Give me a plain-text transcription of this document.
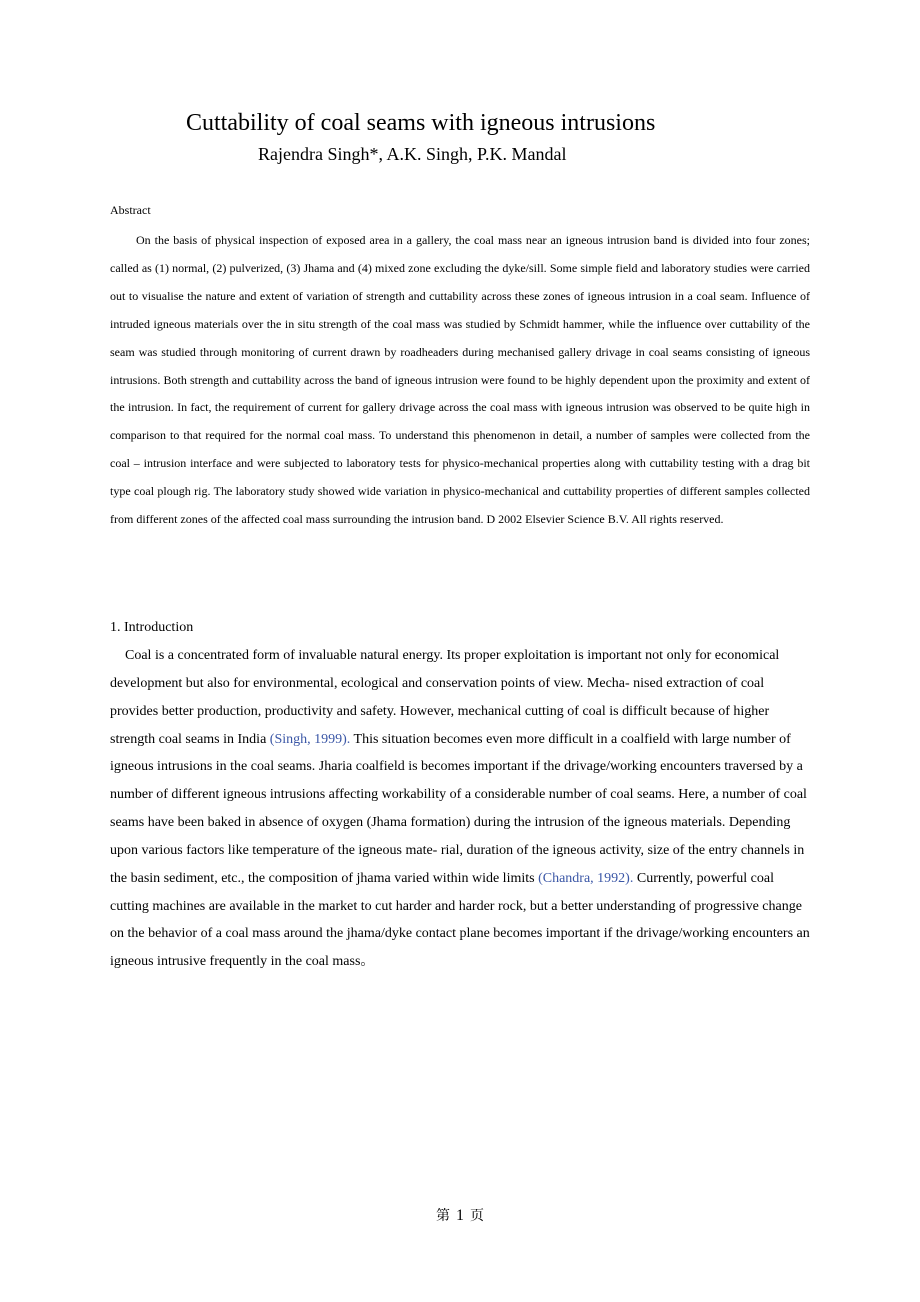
Cuttability of coal seams with igneous intrusions
Rajendra Singh*, A.K. Singh, P.K. Mandal
Abstract
On the basis of physical inspection of exposed area in a gallery, the coal mass near an igneous intrusion band is divided into four zones; called as (1) normal, (2) pulverized, (3) Jhama and (4) mixed zone excluding the dyke/sill. Some simple field and laboratory studies were carried out to visualise the nature and extent of variation of strength and cuttability across these zones of igneous intrusion in a coal seam. Influence of intruded igneous materials over the in situ strength of the coal mass was studied by Schmidt hammer, while the influence over cuttability of the seam was studied through monitoring of current drawn by roadheaders during mechanised gallery drivage in coal seams consisting of igneous intrusions. Both strength and cuttability across the band of igneous intrusion were found to be highly dependent upon the proximity and extent of the intrusion. In fact, the requirement of current for gallery drivage across the coal mass with igneous intrusion was observed to be quite high in comparison to that required for the normal coal mass. To understand this phenomenon in detail, a number of samples were collected from the coal – intrusion interface and were subjected to laboratory tests for physico-mechanical properties along with cuttability testing with a drag bit type coal plough rig. The laboratory study showed wide variation in physico-mechanical and cuttability properties of different samples collected from different zones of the affected coal mass surrounding the intrusion band. D 2002 Elsevier Science B.V. All rights reserved.
1. Introduction
Coal is a concentrated form of invaluable natural energy. Its proper exploitation is important not only for economical development but also for environmental, ecological and conservation points of view. Mecha- nised extraction of coal provides better production, productivity and safety. However, mechanical cutting of coal is difficult because of higher strength coal seams in India (Singh, 1999). This situation becomes even more difficult in a coalfield with large number of igneous intrusions in the coal seams. Jharia coalfield is becomes important if the drivage/working encounters traversed by a number of different igneous intrusions affecting workability of a considerable number of coal seams. Here, a number of coal seams have been baked in absence of oxygen (Jhama formation) during the intrusion of the igneous materials. Depending upon various factors like temperature of the igneous mate- rial, duration of the igneous activity, size of the entry channels in the basin sediment, etc., the composition of jhama varied within wide limits (Chandra, 1992). Currently, powerful coal cutting machines are available in the market to cut harder and harder rock, but a better understanding of progressive change on the behavior of a coal mass around the jhama/dyke contact plane becomes important if the drivage/working encounters an igneous intrusive frequently in the coal mass。
第 1 页
